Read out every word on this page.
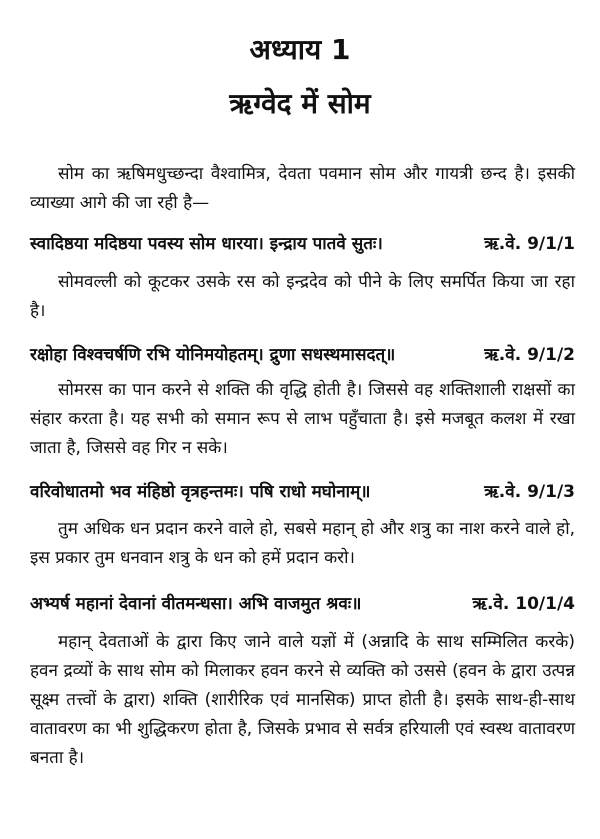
अध्याय 1
ऋग्वेद में सोम
सोम का ऋषिमधुच्छन्दा वैश्वामित्र, देवता पवमान सोम और गायत्री छन्द है। इसकी व्याख्या आगे की जा रही है—
स्वादिष्ठया मदिष्ठया पवस्य सोम धारया। इन्द्राय पातवे सुतः।	ऋ.वे. 9/1/1
सोमवल्ली को कूटकर उसके रस को इन्द्रदेव को पीने के लिए समर्पित किया जा रहा है।
रक्षोहा विश्वचर्षणि रभि योनिमयोहतम्। द्रुणा सधस्थमासदत्॥	ऋ.वे. 9/1/2
सोमरस का पान करने से शक्ति की वृद्धि होती है। जिससे वह शक्तिशाली राक्षसों का संहार करता है। यह सभी को समान रूप से लाभ पहुँचाता है। इसे मजबूत कलश में रखा जाता है, जिससे वह गिर न सके।
वरिवोधातमो भव मंहिष्ठो वृत्रहन्तमः। पषि राधो मघोनाम्॥	ऋ.वे. 9/1/3
तुम अधिक धन प्रदान करने वाले हो, सबसे महान् हो और शत्रु का नाश करने वाले हो, इस प्रकार तुम धनवान शत्रु के धन को हमें प्रदान करो।
अभ्यर्ष महानां देवानां वीतमन्धसा। अभि वाजमुत श्रवः॥	ऋ.वे. 10/1/4
महान् देवताओं के द्वारा किए जाने वाले यज्ञों में (अन्नादि के साथ सम्मिलित करके) हवन द्रव्यों के साथ सोम को मिलाकर हवन करने से व्यक्ति को उससे (हवन के द्वारा उत्पन्न सूक्ष्म तत्त्वों के द्वारा) शक्ति (शारीरिक एवं मानसिक) प्राप्त होती है। इसके साथ-ही-साथ वातावरण का भी शुद्धिकरण होता है, जिसके प्रभाव से सर्वत्र हरियाली एवं स्वस्थ वातावरण बनता है।
